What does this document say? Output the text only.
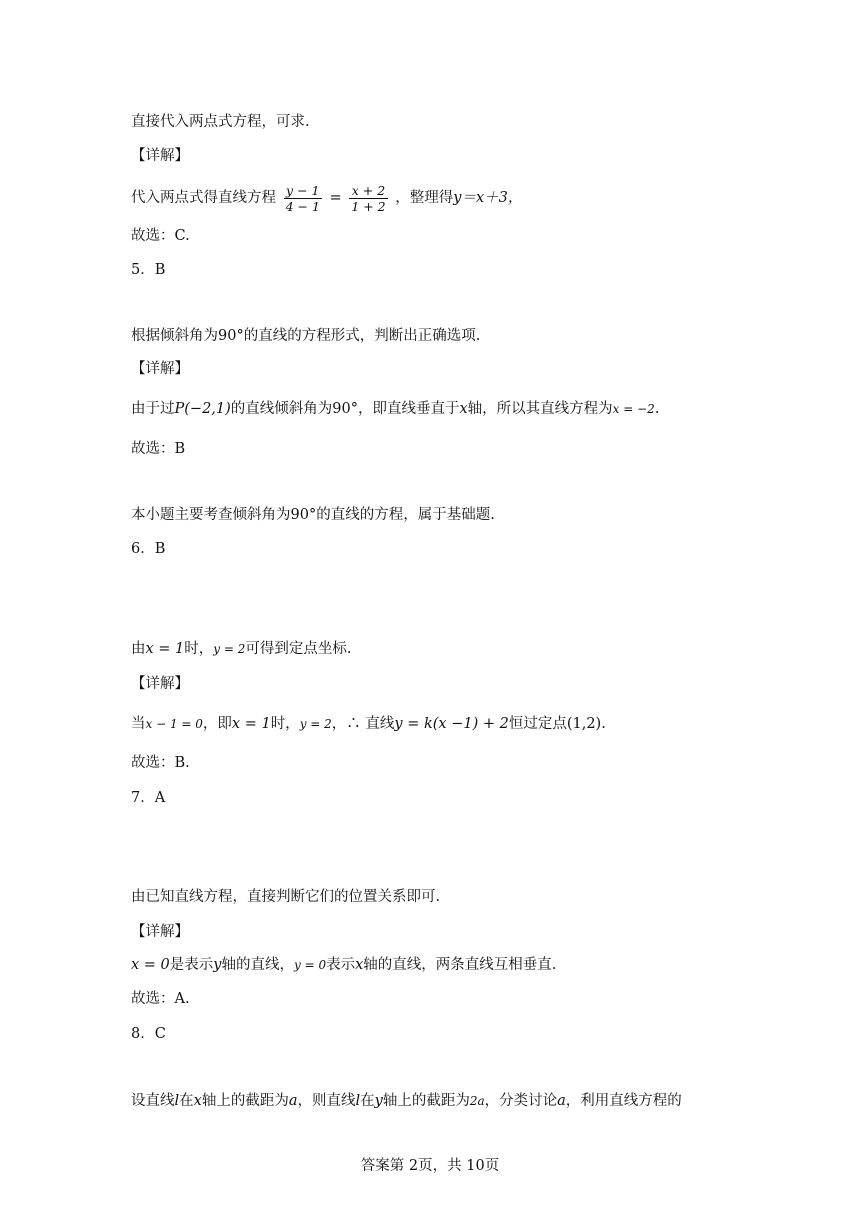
直接代入两点式方程，可求.
【详解】
代入两点式得直线方程 $\frac{y - 1}{4 - 1} = \frac{x + 2}{1 + 2}$ ，整理得y＝x＋3，
故选：C.
5．B
根据倾斜角为90°的直线的方程形式，判断出正确选项.
【详解】
由于过P(−2,1)的直线倾斜角为90°，即直线垂直于x轴，所以其直线方程为x = −2.
故选：B
本小题主要考查倾斜角为90°的直线的方程，属于基础题.
6．B
由x = 1时，y = 2可得到定点坐标.
【详解】
当x − 1 = 0，即x = 1时，y = 2，∴ 直线y = k(x −1) + 2恒过定点(1,2).
故选：B.
7．A
由已知直线方程，直接判断它们的位置关系即可.
【详解】
x = 0是表示y轴的直线，y = 0表示x轴的直线，两条直线互相垂直.
故选：A.
8．C
设直线l在x轴上的截距为a，则直线l在y轴上的截距为2a，分类讨论a，利用直线方程的
答案第 2页，共 10页
